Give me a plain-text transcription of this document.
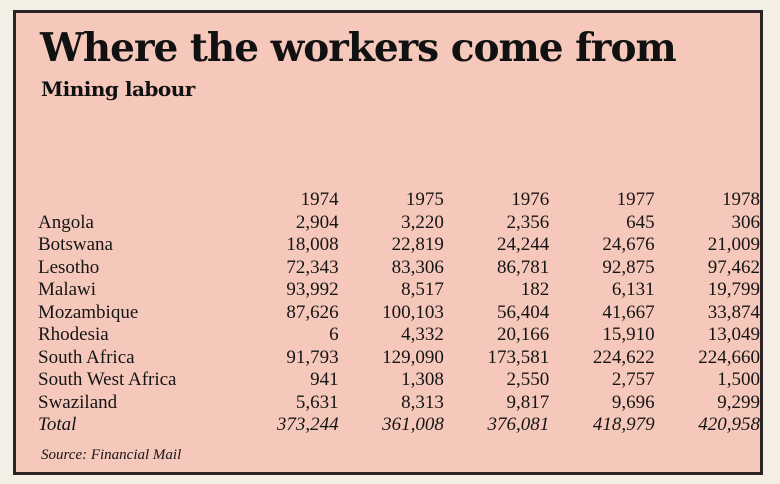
Where the workers come from
Mining labour
	1974	1975	1976	1977	1978
Angola	2,904	3,220	2,356	645	306
Botswana	18,008	22,819	24,244	24,676	21,009
Lesotho	72,343	83,306	86,781	92,875	97,462
Malawi	93,992	8,517	182	6,131	19,799
Mozambique	87,626	100,103	56,404	41,667	33,874
Rhodesia	6	4,332	20,166	15,910	13,049
South Africa	91,793	129,090	173,581	224,622	224,660
South West Africa	941	1,308	2,550	2,757	1,500
Swaziland	5,631	8,313	9,817	9,696	9,299
Total	373,244	361,008	376,081	418,979	420,958

Source: Financial Mail
